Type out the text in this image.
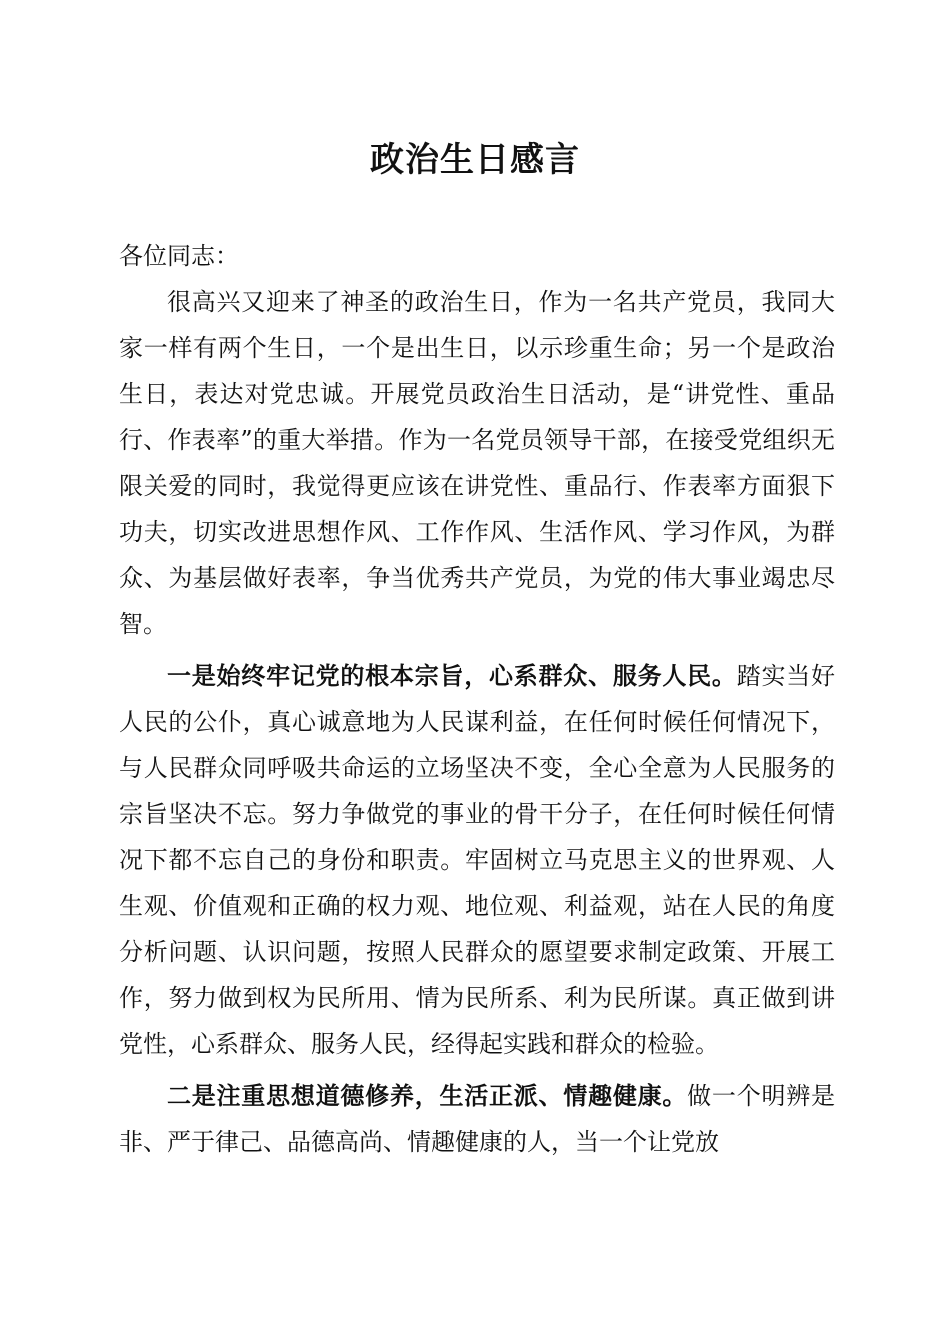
政治生日感言

各位同志：

很高兴又迎来了神圣的政治生日，作为一名共产党员，我同大家一样有两个生日，一个是出生日，以示珍重生命；另一个是政治生日，表达对党忠诚。开展党员政治生日活动，是“讲党性、重品行、作表率”的重大举措。作为一名党员领导干部，在接受党组织无限关爱的同时，我觉得更应该在讲党性、重品行、作表率方面狠下功夫，切实改进思想作风、工作作风、生活作风、学习作风，为群众、为基层做好表率，争当优秀共产党员，为党的伟大事业竭忠尽智。

一是始终牢记党的根本宗旨，心系群众、服务人民。踏实当好人民的公仆，真心诚意地为人民谋利益，在任何时候任何情况下，与人民群众同呼吸共命运的立场坚决不变，全心全意为人民服务的宗旨坚决不忘。努力争做党的事业的骨干分子，在任何时候任何情况下都不忘自己的身份和职责。牢固树立马克思主义的世界观、人生观、价值观和正确的权力观、地位观、利益观，站在人民的角度分析问题、认识问题，按照人民群众的愿望要求制定政策、开展工作，努力做到权为民所用、情为民所系、利为民所谋。真正做到讲党性，心系群众、服务人民，经得起实践和群众的检验。

二是注重思想道德修养，生活正派、情趣健康。做一个明辨是非、严于律己、品德高尚、情趣健康的人，当一个让党放
